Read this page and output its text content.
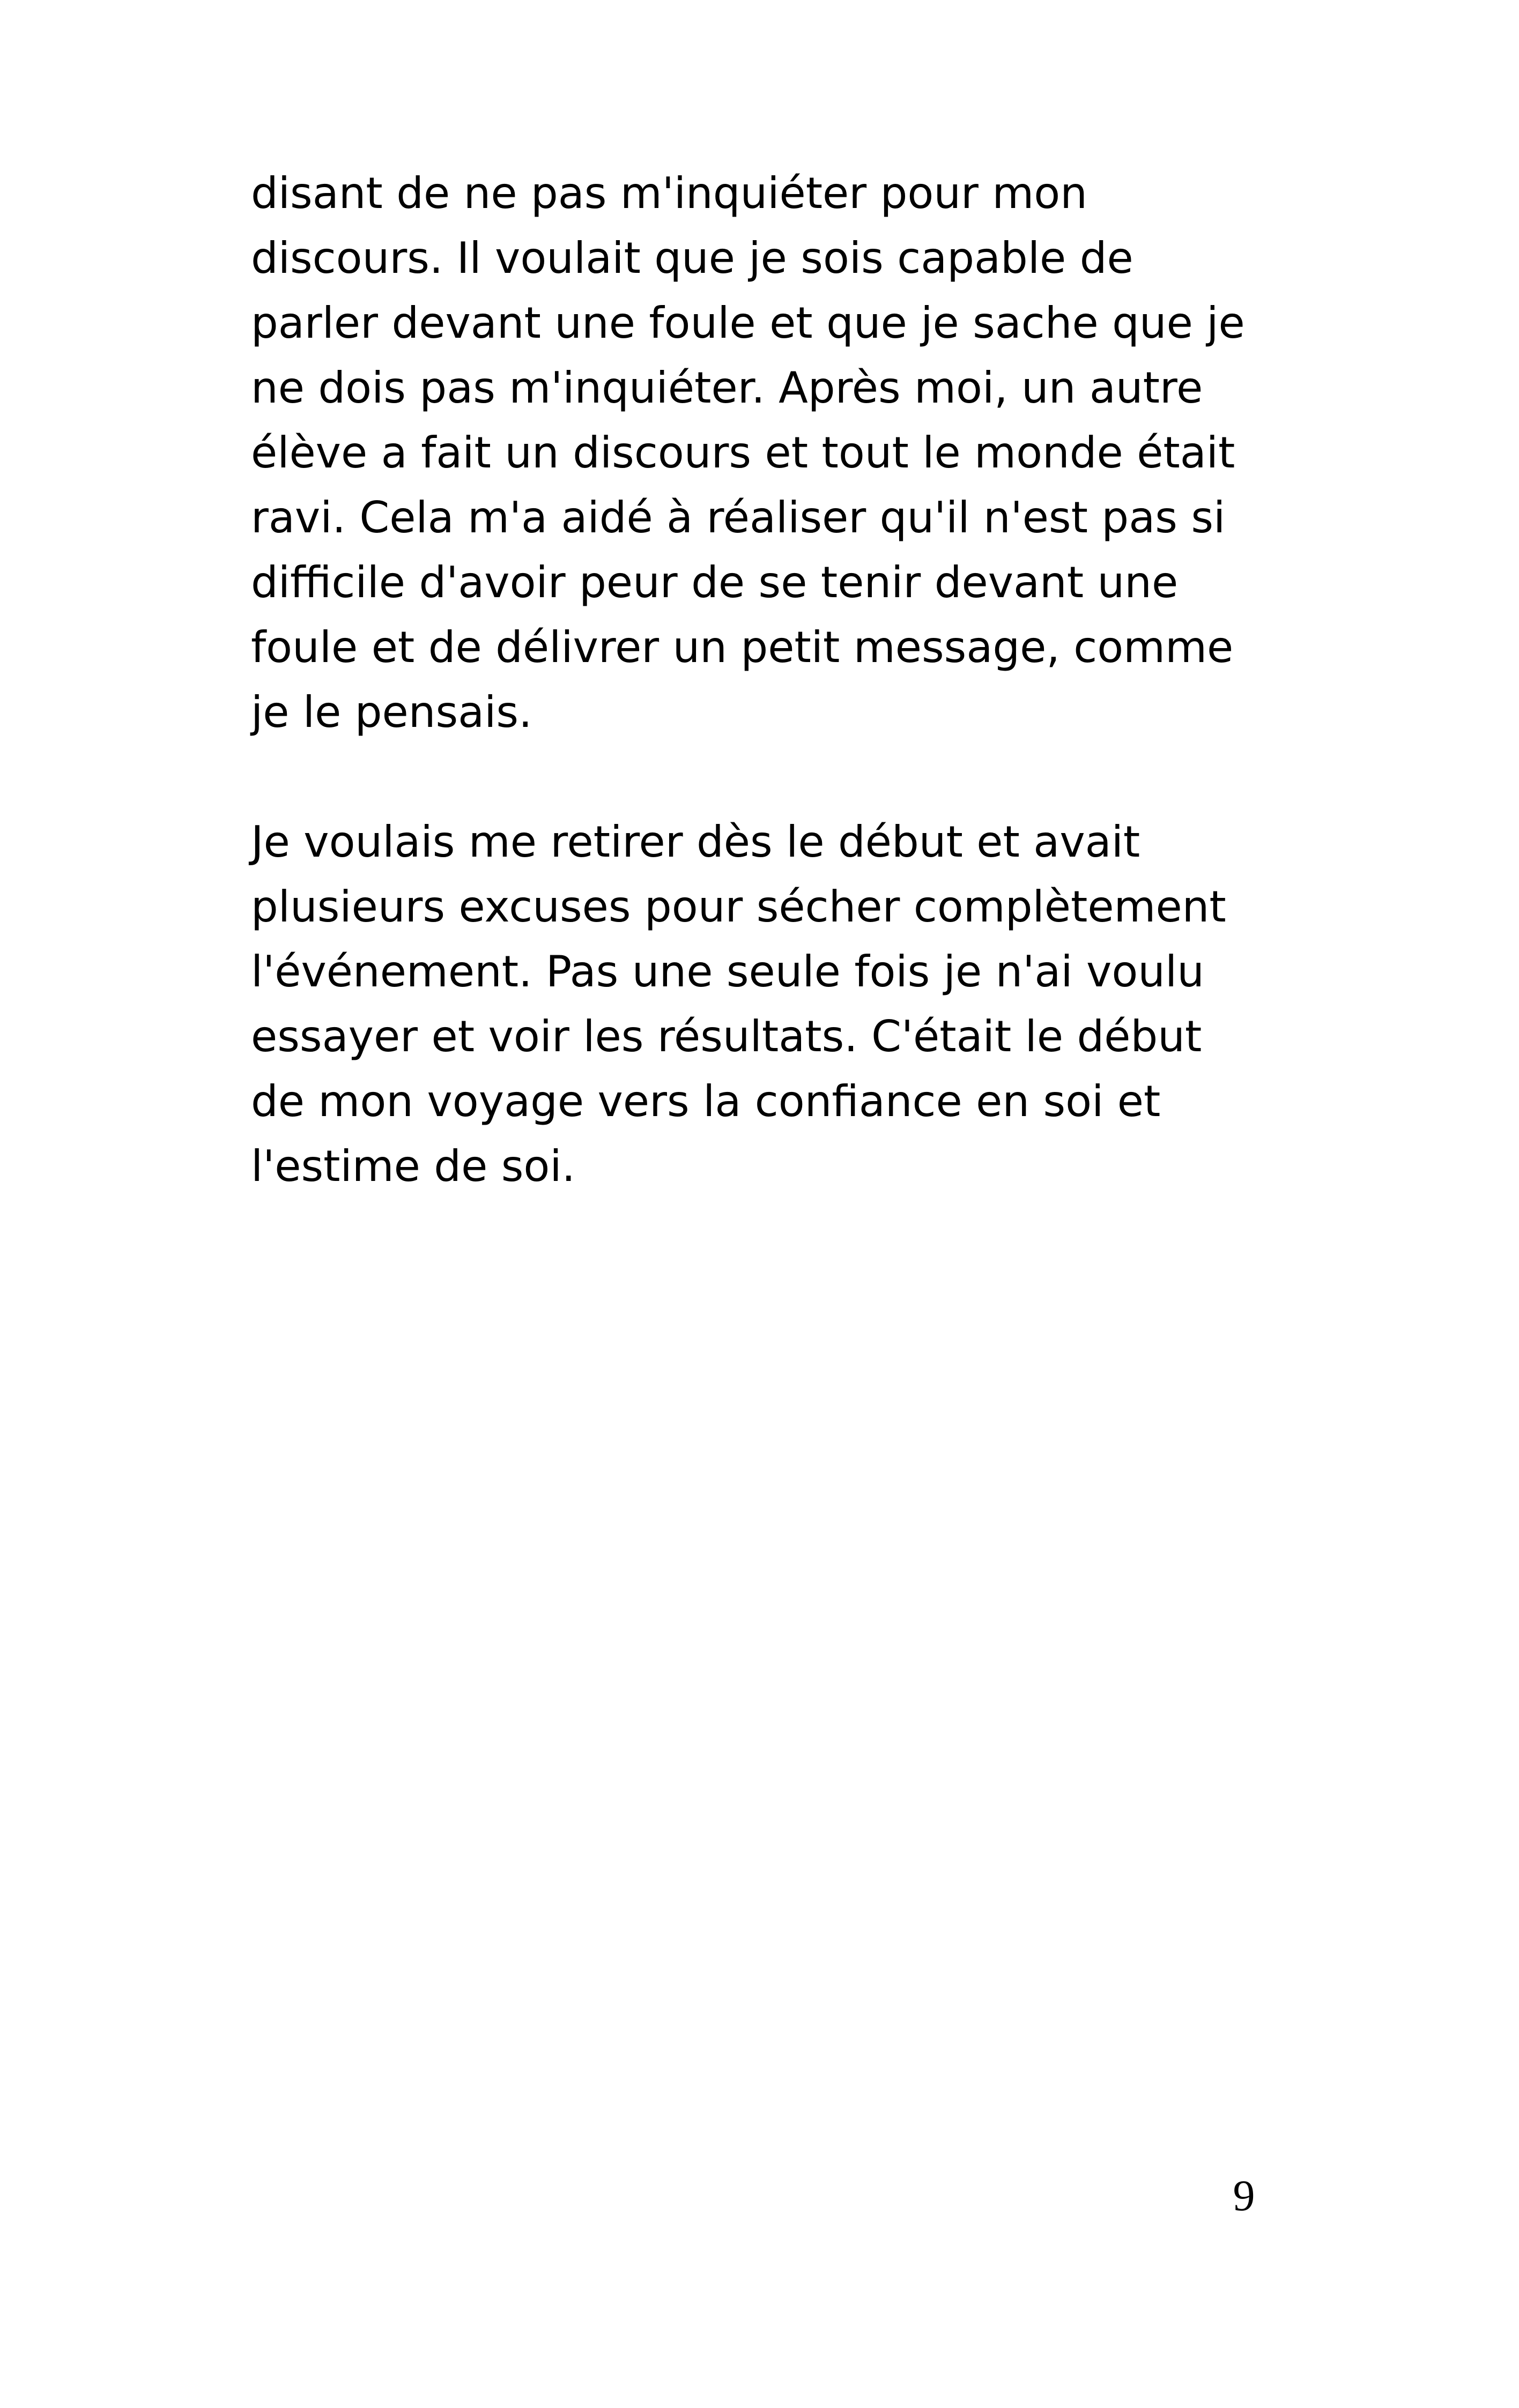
disant de ne pas m'inquiéter pour mon
discours. Il voulait que je sois capable de
parler devant une foule et que je sache que je
ne dois pas m'inquiéter. Après moi, un autre
élève a fait un discours et tout le monde était
ravi. Cela m'a aidé à réaliser qu'il n'est pas si
difficile d'avoir peur de se tenir devant une
foule et de délivrer un petit message, comme
je le pensais.

Je voulais me retirer dès le début et avait
plusieurs excuses pour sécher complètement
l'événement. Pas une seule fois je n'ai voulu
essayer et voir les résultats. C'était le début
de mon voyage vers la confiance en soi et
l'estime de soi.

9
